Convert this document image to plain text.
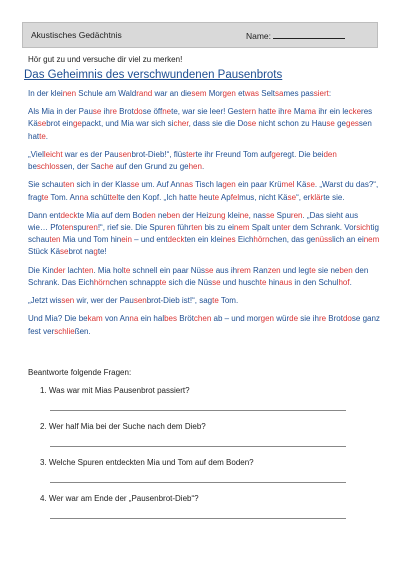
Akustisches Gedächtnis	Name:
Hör gut zu und versuche dir viel zu merken!
Das Geheimnis des verschwundenen Pausenbrots

In der kleinen Schule am Waldrand war an diesem Morgen etwas Seltsames passiert:

Als Mia in der Pause ihre Brotdose öffnete, war sie leer! Gestern hatte ihre Mama ihr ein leckeres Käsebrot eingepackt, und Mia war sich sicher, dass sie die Dose nicht schon zu Hause gegessen hatte.

„Vielleicht war es der Pausenbrot-Dieb!“, flüsterte ihr Freund Tom aufgeregt. Die beiden beschlossen, der Sache auf den Grund zu gehen.

Sie schauten sich in der Klasse um. Auf Annas Tisch lagen ein paar Krümel Käse. „Warst du das?“, fragte Tom. Anna schüttelte den Kopf. „Ich hatte heute Apfelmus, nicht Käse“, erklärte sie.

Dann entdeckte Mia auf dem Boden neben der Heizung kleine, nasse Spuren. „Das sieht aus wie… Pfotenspuren!“, rief sie. Die Spuren führten bis zu einem Spalt unter dem Schrank. Vorsichtig schauten Mia und Tom hinein – und entdeckten ein kleines Eichhörnchen, das genüsslich an einem Stück Käsebrot nagte!

Die Kinder lachten. Mia holte schnell ein paar Nüsse aus ihrem Ranzen und legte sie neben den Schrank. Das Eichhörnchen schnappte sich die Nüsse und huschte hinaus in den Schulhof.

„Jetzt wissen wir, wer der Pausenbrot-Dieb ist!“, sagte Tom.

Und Mia? Die bekam von Anna ein halbes Brötchen ab – und morgen würde sie ihre Brotdose ganz fest verschließen.

Beantworte folgende Fragen:
1. Was war mit Mias Pausenbrot passiert?
2. Wer half Mia bei der Suche nach dem Dieb?
3. Welche Spuren entdeckten Mia und Tom auf dem Boden?
4. Wer war am Ende der „Pausenbrot-Dieb“?
